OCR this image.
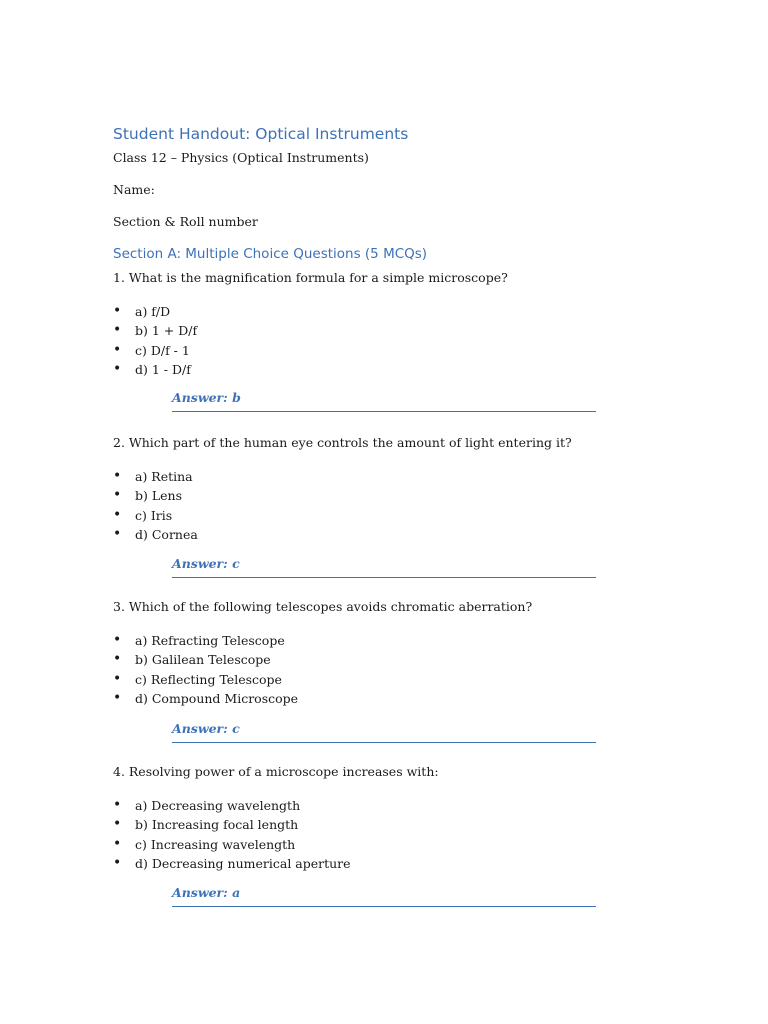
Student Handout: Optical Instruments

Class 12 – Physics (Optical Instruments)

Name:

Section & Roll number

Section A: Multiple Choice Questions (5 MCQs)

1. What is the magnification formula for a simple microscope?

• a) f/D
• b) 1 + D/f
• c) D/f - 1
• d) 1 - D/f

Answer: b

2. Which part of the human eye controls the amount of light entering it?

• a) Retina
• b) Lens
• c) Iris
• d) Cornea

Answer: c

3. Which of the following telescopes avoids chromatic aberration?

• a) Refracting Telescope
• b) Galilean Telescope
• c) Reflecting Telescope
• d) Compound Microscope

Answer: c

4. Resolving power of a microscope increases with:

• a) Decreasing wavelength
• b) Increasing focal length
• c) Increasing wavelength
• d) Decreasing numerical aperture

Answer: a
